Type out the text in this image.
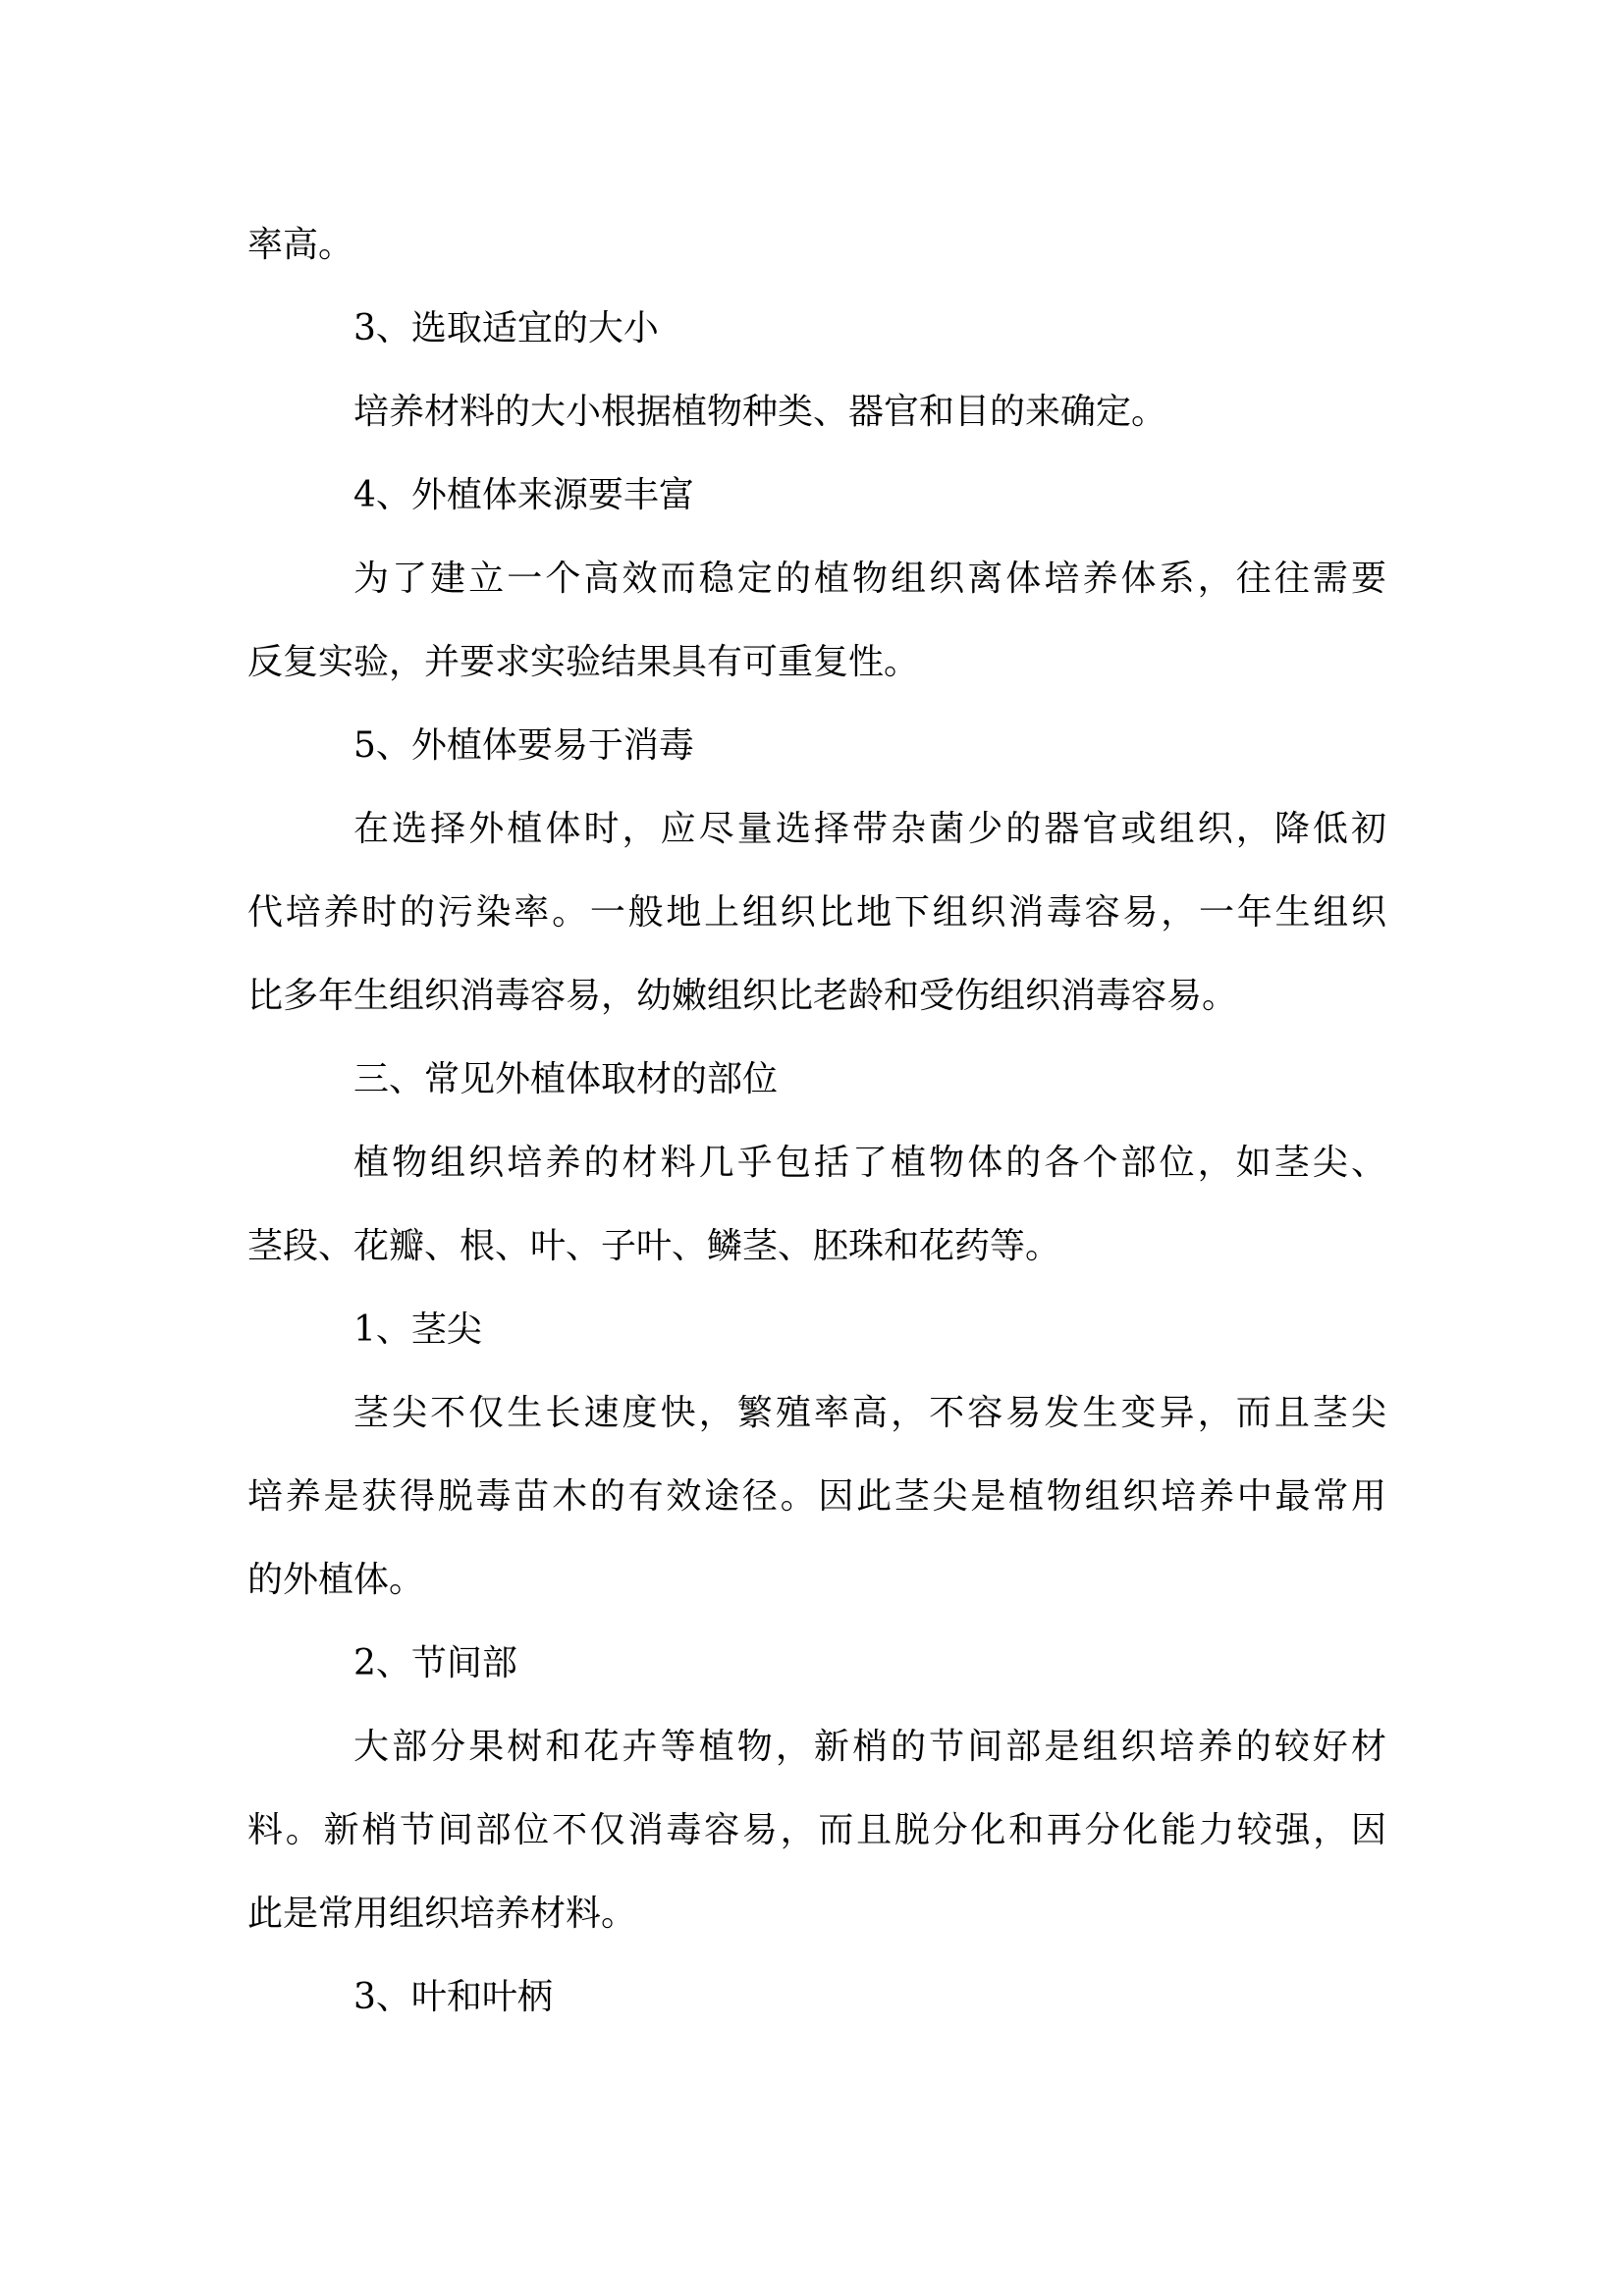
率高。
3、选取适宜的大小
培养材料的大小根据植物种类、器官和目的来确定。
4、外植体来源要丰富
为了建立一个高效而稳定的植物组织离体培养体系，往往需要
反复实验，并要求实验结果具有可重复性。
5、外植体要易于消毒
在选择外植体时，应尽量选择带杂菌少的器官或组织，降低初
代培养时的污染率。一般地上组织比地下组织消毒容易，一年生组织
比多年生组织消毒容易，幼嫩组织比老龄和受伤组织消毒容易。
三、常见外植体取材的部位
植物组织培养的材料几乎包括了植物体的各个部位，如茎尖、
茎段、花瓣、根、叶、子叶、鳞茎、胚珠和花药等。
1、茎尖
茎尖不仅生长速度快，繁殖率高，不容易发生变异，而且茎尖
培养是获得脱毒苗木的有效途径。因此茎尖是植物组织培养中最常用
的外植体。
2、节间部
大部分果树和花卉等植物，新梢的节间部是组织培养的较好材
料。新梢节间部位不仅消毒容易，而且脱分化和再分化能力较强，因
此是常用组织培养材料。
3、叶和叶柄
